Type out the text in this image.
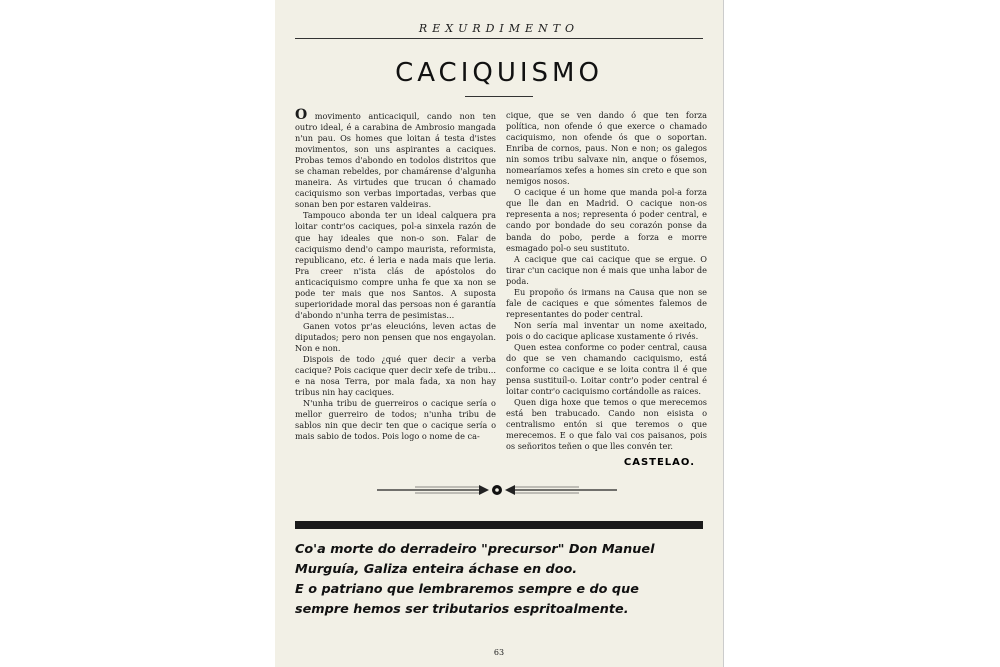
REXURDIMENTO
CACIQUISMO

O movimento anticaciquil, cando non ten outro ideal, é a carabina de Ambrosio mangada n'un pau. Os homes que loitan á testa d'istes movimentos, son uns aspirantes a caciques. Probas temos d'abondo en todolos distritos que se chaman rebeldes, por chamárense d'algunha maneira. As virtudes que trucan ó chamado caciquismo son verbas importadas, verbas que sonan ben por estaren valdeiras.

Tampouco abonda ter un ideal calquera pra loitar contr'os caciques, pol-a sinxela razón de que hay ideales que non-o son. Falar de caciquismo dend'o campo maurista, reformista, republicano, etc. é leria e nada mais que leria. Pra creer n'ista clás de apóstolos do anticaciquismo compre unha fe que xa non se pode ter mais que nos Santos. A suposta superioridade moral das persoas non é garantía d'abondo n'unha terra de pesimistas...

Ganen votos pr'as eleucións, leven actas de diputados; pero non pensen que nos engayolan. Non e non.

Dispois de todo ¿qué quer decir a verba cacique? Pois cacique quer decir xefe de tribu... e na nosa Terra, por mala fada, xa non hay tribus nin hay caciques.

N'unha tribu de guerreiros o cacique sería o mellor guerreiro de todos; n'unha tribu de sablos nin que decir ten que o cacique sería o mais sabio de todos. Pois logo o nome de ca-

cique, que se ven dando ó que ten forza política, non ofende ó que exerce o chamado caciquismo, non ofende ós que o soportan. Enriba de cornos, paus. Non e non; os galegos nin somos tribu salvaxe nin, anque o fósemos, nomearíamos xefes a homes sin creto e que son nemigos nosos.

O cacique é un home que manda pol-a forza que lle dan en Madrid. O cacique non-os representa a nos; representa ó poder central, e cando por bondade do seu corazón ponse da banda do pobo, perde a forza e morre esmagado pol-o seu sustituto.

A cacique que cai cacique que se ergue. O tirar c'un cacique non é mais que unha labor de poda.

Eu propoño ós irmans na Causa que non se fale de caciques e que sómentes falemos de representantes do poder central.

Non sería mal inventar un nome axeitado, pois o do cacique aplicase xustamente ó rivés.

Quen estea conforme co poder central, causa do que se ven chamando caciquismo, está conforme co cacique e se loita contra il é que pensa sustituíl-o. Loitar contr'o poder central é loitar contr'o caciquismo cortándolle as raices.

Quen diga hoxe que temos o que merecemos está ben trabucado. Cando non eisista o centralismo entón si que teremos o que merecemos. E o que falo vai cos paisanos, pois os señoritos teñen o que lles convén ter.

CASTELAO.

Co'a morte do derradeiro "precursor" Don Manuel

Murguía, Galiza enteira áchase en doo.

E o patriano que lembraremos sempre e do que

sempre hemos ser tributarios espritoalmente.

63
